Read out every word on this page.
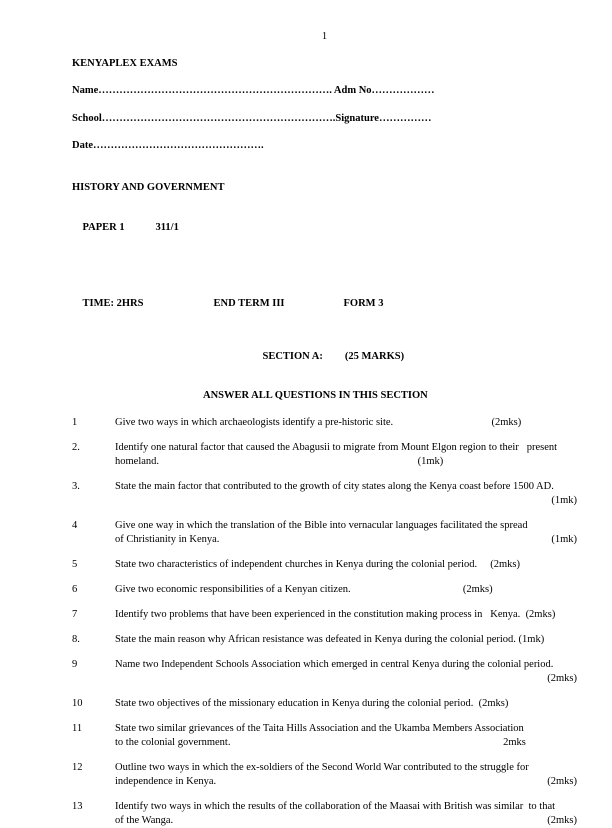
1
KENYAPLEX EXAMS
Name…………………………………………………………. Adm No………………
School………………………………………………………….Signature……………
Date………………………………………….
HISTORY AND GOVERNMENT

PAPER 1	311/1

TIME: 2HRS	END TERM III	FORM 3

SECTION A: (25 MARKS)

ANSWER ALL QUESTIONS IN THIS SECTION
1	Give two ways in which archaeologists identify a pre-historic site.	(2mks)
2.	Identify one natural factor that caused the Abagusii to migrate from Mount Elgon region to their   present
homeland.	(1mk)
3.	State the main factor that contributed to the growth of city states along the Kenya coast before 1500 AD.
(1mk)
4	Give one way in which the translation of the Bible into vernacular languages facilitated the spread
of Christianity in Kenya.	(1mk)
5	State two characteristics of independent churches in Kenya during the colonial period.     (2mks)
6	Give two economic responsibilities of a Kenyan citizen.	(2mks)
7	Identify two problems that have been experienced in the constitution making process in   Kenya.  (2mks)
8.	State the main reason why African resistance was defeated in Kenya during the colonial period. (1mk)
9	Name two Independent Schools Association which emerged in central Kenya during the colonial period.
(2mks)
10	State two objectives of the missionary education in Kenya during the colonial period.  (2mks)
11	State two similar grievances of the Taita Hills Association and the Ukamba Members Association
to the colonial government.	2mks
12	Outline two ways in which the ex-soldiers of the Second World War contributed to the struggle for
independence in Kenya.	(2mks)
13	Identify two ways in which the results of the collaboration of the Maasai with British was similar  to that
of the Wanga.	(2mks)
